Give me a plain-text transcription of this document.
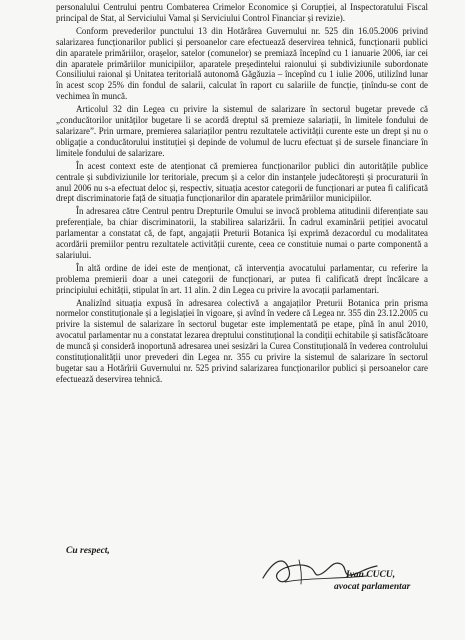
personalului Centrului pentru Combaterea Crimelor Economice și Corupției, al Inspectoratului Fiscal principal de Stat, al Serviciului Vamal și Serviciului Control Financiar și revizie).

Conform prevederilor punctului 13 din Hotărârea Guvernului nr. 525 din 16.05.2006 privind salarizarea funcționarilor publici și persoanelor care efectuează deservirea tehnică, funcționarii publici din aparatele primăriilor, orașelor, satelor (comunelor) se premiază începînd cu 1 ianuarie 2006, iar cei din aparatele primăriilor municipiilor, aparatele președintelui raionului și subdiviziunile subordonate Consiliului raional și Unitatea teritorială autonomă Găgăuzia – începînd cu 1 iulie 2006, utilizînd lunar în acest scop 25% din fondul de salarii, calculat în raport cu salariile de funcție, ținîndu-se cont de vechimea în muncă.

Articolul 32 din Legea cu privire la sistemul de salarizare în sectorul bugetar prevede că „conducătorilor unităților bugetare li se acordă dreptul să premieze salariații, în limitele fondului de salarizare”. Prin urmare, premierea salariaților pentru rezultatele activității curente este un drept și nu o obligație a conducătorului instituției și depinde de volumul de lucru efectuat și de sursele financiare în limitele fondului de salarizare.

În acest context este de atenționat că premierea funcționarilor publici din autoritățile publice centrale și subdiviziunile lor teritoriale, precum și a celor din instanțele judecătorești și procuraturii în anul 2006 nu s-a efectuat deloc și, respectiv, situația acestor categorii de funcționari ar putea fi calificată drept discriminatorie față de situația funcționarilor din aparatele primăriilor municipiilor.

În adresarea către Centrul pentru Drepturile Omului se invocă problema atitudinii diferențiate sau preferențiale, ba chiar discriminatorii, la stabilirea salarizării. În cadrul examinării petiției avocatul parlamentar a constatat că, de fapt, angajații Preturii Botanica își exprimă dezacordul cu modalitatea acordării premiilor pentru rezultatele activității curente, ceea ce constituie numai o parte componentă a salariului.

În altă ordine de idei este de menționat, că intervenția avocatului parlamentar, cu referire la problema premierii doar a unei categorii de funcționari, ar putea fi calificată drept încălcare a principiului echității, stipulat în art. 11 alin. 2 din Legea cu privire la avocații parlamentari.

Analizînd situația expusă în adresarea colectivă a angajaților Preturii Botanica prin prisma normelor constituționale și a legislației în vigoare, și avînd în vedere că Legea nr. 355 din 23.12.2005 cu privire la sistemul de salarizare în sectorul bugetar este implementată pe etape, pînă în anul 2010, avocatul parlamentar nu a constatat lezarea dreptului constituțional la condiții echitabile și satisfăcătoare de muncă și consideră inoportună adresarea unei sesizări la Curea Constituțională în vederea controlului constituționalității unor prevederi din Legea nr. 355 cu privire la sistemul de salarizare în sectorul bugetar sau a Hotărîrii Guvernului nr. 525 privind salarizarea funcționarilor publici și persoanelor care efectuează deservirea tehnică.

Cu respect,
Ivan CUCU,
avocat parlamentar
